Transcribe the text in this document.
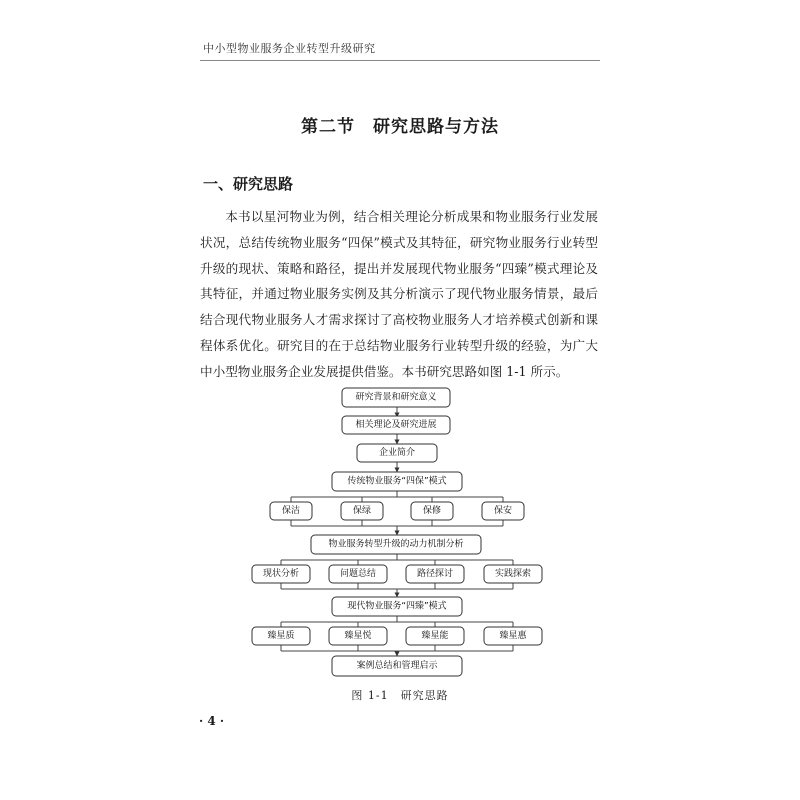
中小型物业服务企业转型升级研究
第二节　研究思路与方法
一、研究思路

本书以星河物业为例，结合相关理论分析成果和物业服务行业发展状况，总结传统物业服务“四保”模式及其特征，研究物业服务行业转型升级的现状、策略和路径，提出并发展现代物业服务“四臻”模式理论及其特征，并通过物业服务实例及其分析演示了现代物业服务情景，最后结合现代物业服务人才需求探讨了高校物业服务人才培养模式创新和课程体系优化。研究目的在于总结物业服务行业转型升级的经验，为广大中小型物业服务企业发展提供借鉴。本书研究思路如图 1-1 所示。

研究背景和研究意义
相关理论及研究进展
企业简介
传统物业服务“四保”模式
保洁	保绿	保修	保安
物业服务转型升级的动力机制分析
现状分析	问题总结	路径探讨	实践探索
现代物业服务“四臻”模式
臻星质	臻星悦	臻星能	臻星惠
案例总结和管理启示
图 1-1　研究思路
· 4 ·
